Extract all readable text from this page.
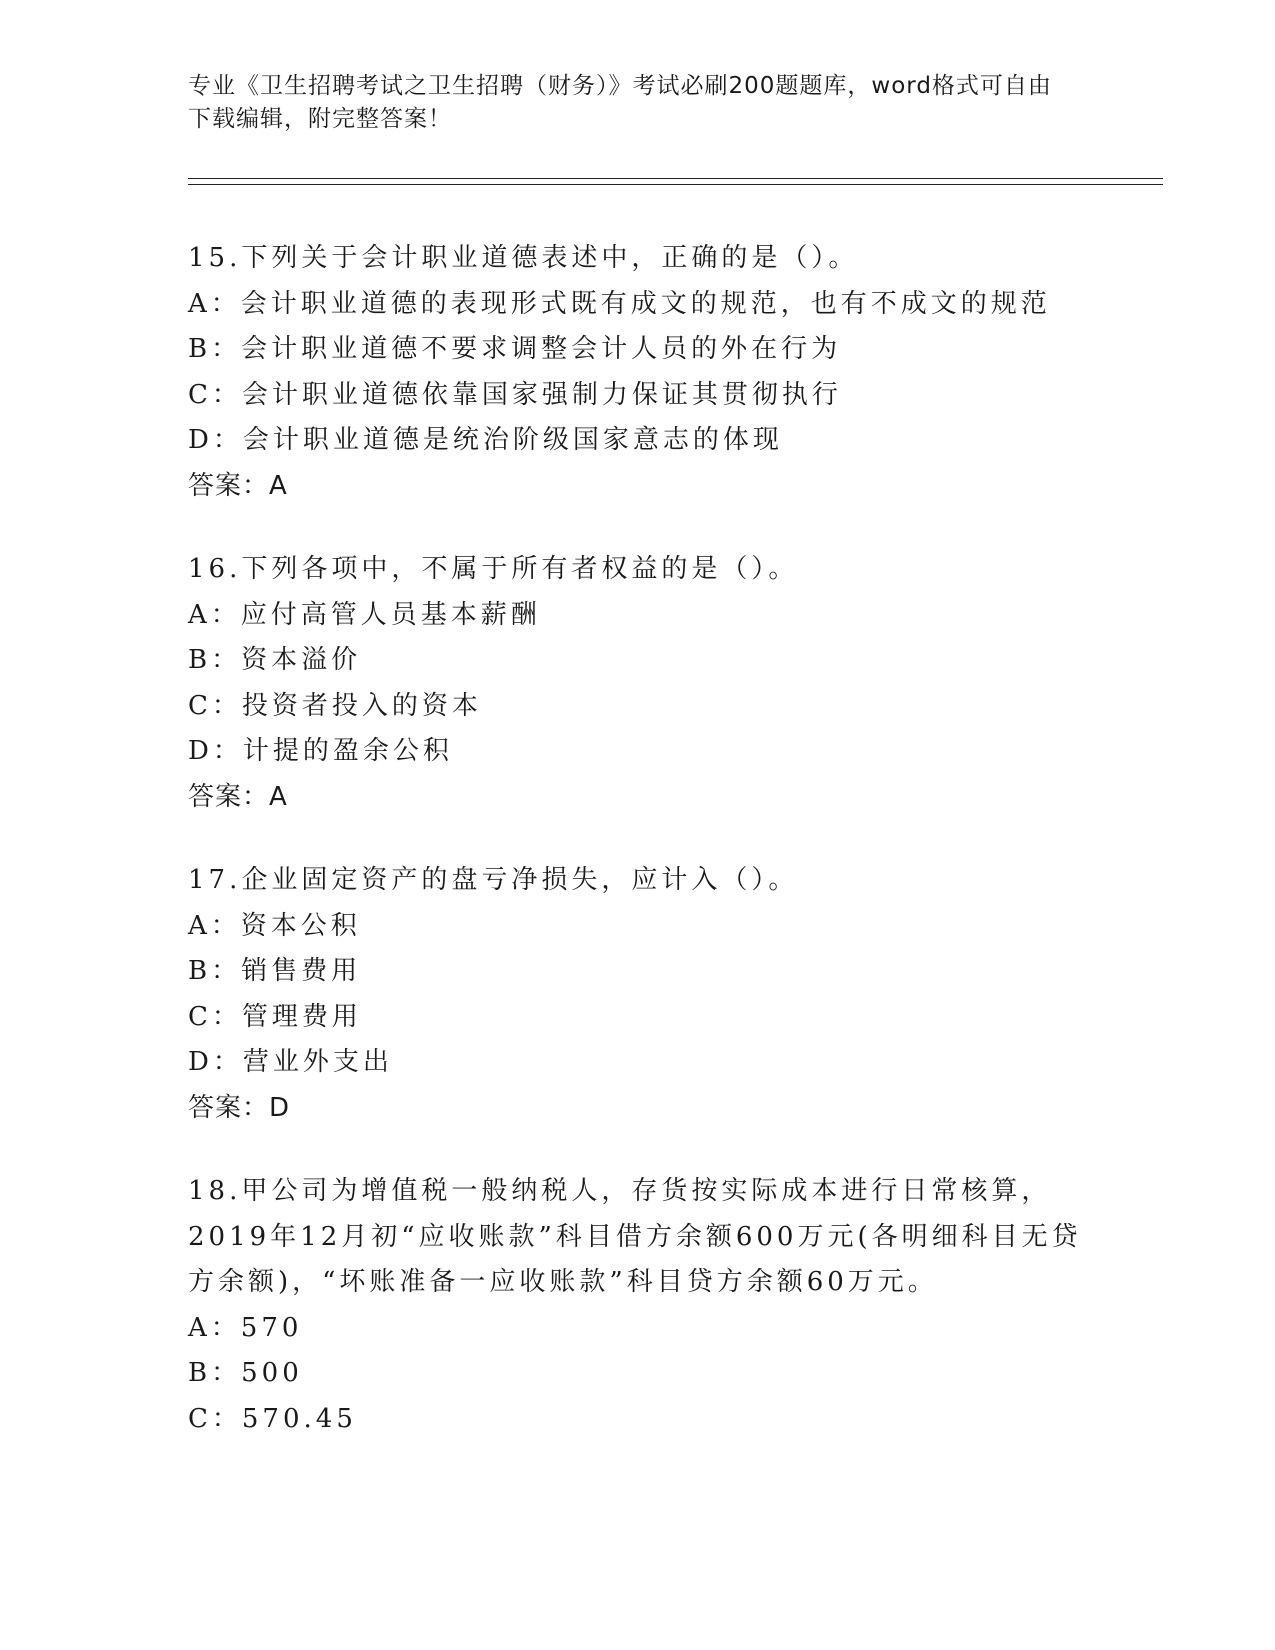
专业《卫生招聘考试之卫生招聘（财务）》考试必刷200题题库，word格式可自由下载编辑，附完整答案！

15.下列关于会计职业道德表述中，正确的是（）。

A：会计职业道德的表现形式既有成文的规范，也有不成文的规范

B：会计职业道德不要求调整会计人员的外在行为

C：会计职业道德依靠国家强制力保证其贯彻执行

D：会计职业道德是统治阶级国家意志的体现

答案：A

16.下列各项中，不属于所有者权益的是（）。

A：应付高管人员基本薪酬

B：资本溢价

C：投资者投入的资本

D：计提的盈余公积

答案：A

17.企业固定资产的盘亏净损失，应计入（）。

A：资本公积

B：销售费用

C：管理费用

D：营业外支出

答案：D

18.甲公司为增值税一般纳税人，存货按实际成本进行日常核算，2019年12月初“应收账款”科目借方余额600万元(各明细科目无贷方余额)，“坏账准备一应收账款”科目贷方余额60万元。

A：570

B：500

C：570.45
